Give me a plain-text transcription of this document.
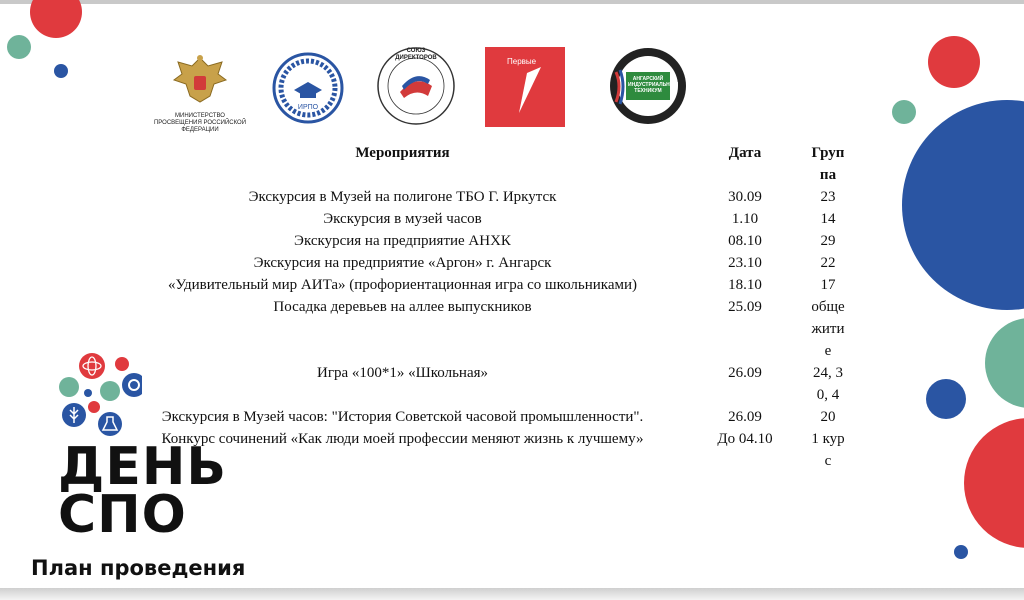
МИНИСТЕРСТВО ПРОСВЕЩЕНИЯ РОССИЙСКОЙ ФЕДЕРАЦИИ
ИРПО
СОЮЗ ДИРЕКТОРОВ	Первые
АНГАРСКИЙ ИНДУСТРИАЛЬНЫЙ ТЕХНИКУМ
Мероприятия	Дата	Группа
Экскурсия в Музей на полигоне ТБО Г. Иркутск	30.09	23
Экскурсия в музей часов	1.10	14
Экскурсия на предприятие АНХК	08.10	29
Экскурсия на предприятие «Аргон» г. Ангарск	23.10	22
«Удивительный мир АИТа» (профориентационная игра со школьниками)	18.10	17
Посадка деревьев на аллее выпускников	25.09	общежитие
Игра «100*1» «Школьная»	26.09	24, 30, 4
Экскурсия в Музей часов: "История Советской часовой промышленности".	26.09	20
Конкурс сочинений «Как люди моей профессии меняют жизнь к лучшему»	До 04.10	1 курс
ДЕНЬ
СПО
План проведения
